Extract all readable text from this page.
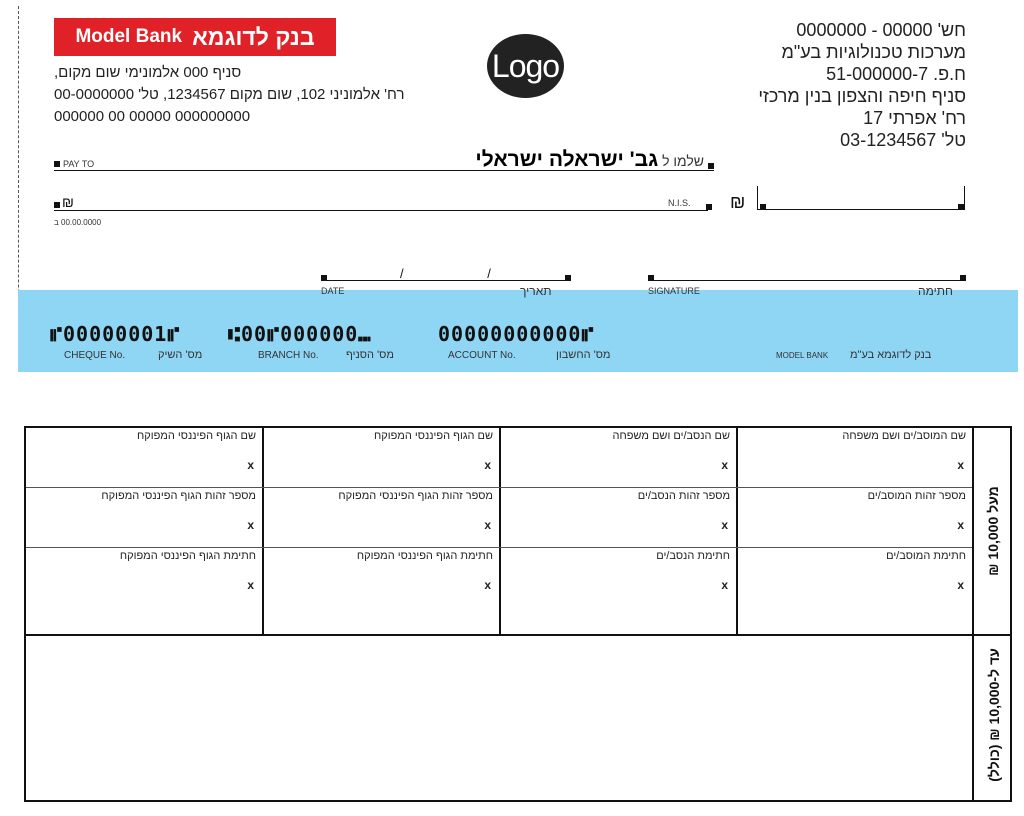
Model Bank בנק לדוגמא
סניף 000 אלמונימי שום מקום,
רח' אלמוניני 102, שום מקום 1234567, טל' 00-0000000
000000 00 00000 000000000
Logo
חש' 00000 - 0000000
מערכות טכנולוגיות בע"מ
ח.פ. 51-000000-7
סניף חיפה והצפון בנין מרכזי
רח' אפרתי 17
טל' 03-1234567
PAY TO	שלמו ל גב' ישראלה ישראלי
₪
00.00.0000 ב
N.I.S. ₪
/ /
DATE	תאריך	SIGNATURE	חתימה
⑈00000001⑈ ⑆00⑈000000⑉	00000000000⑈
CHEQUE No.	מס' השיק	BRANCH No. מס' הסניף	ACCOUNT No.	מס' החשבון	MODEL BANK בנק לדוגמא בע"מ
שם המוסב/ים ושם משפחה
x
מספר זהות המוסב/ים
x
חתימת המוסב/ים
x
שם הנסב/ים ושם משפחה
x
מספר זהות הנסב/ים
x
חתימת הנסב/ים
x
שם הגוף הפיננסי המפוקח
x
מספר זהות הגוף הפיננסי המפוקח
x
חתימת הגוף הפיננסי המפוקח
x
שם הגוף הפיננסי המפוקח
x
מספר זהות הגוף הפיננסי המפוקח
x
חתימת הגוף הפיננסי המפוקח
x
מעל 10,000 ₪
עד ל-10,000 ₪ (כולל)
